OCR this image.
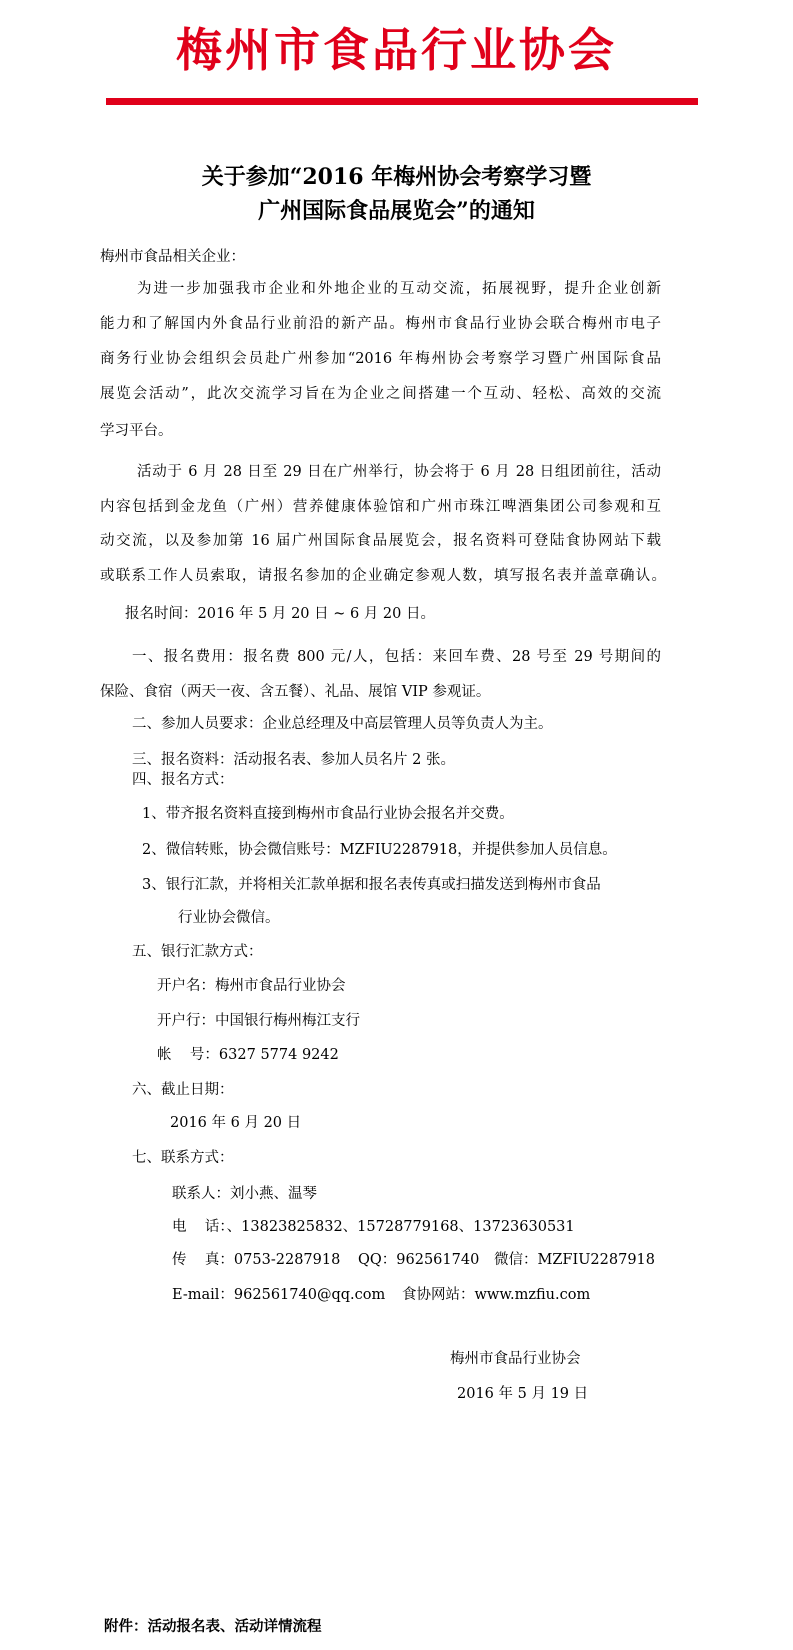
梅州市食品行业协会
关于参加“2016 年梅州协会考察学习暨
广州国际食品展览会”的通知
梅州市食品相关企业：
为进一步加强我市企业和外地企业的互动交流，拓展视野，提升企业创新
能力和了解国内外食品行业前沿的新产品。梅州市食品行业协会联合梅州市电子
商务行业协会组织会员赴广州参加“2016 年梅州协会考察学习暨广州国际食品
展览会活动”，此次交流学习旨在为企业之间搭建一个互动、轻松、高效的交流
学习平台。
活动于 6 月 28 日至 29 日在广州举行，协会将于 6 月 28 日组团前往，活动
内容包括到金龙鱼（广州）营养健康体验馆和广州市珠江啤酒集团公司参观和互
动交流，以及参加第 16 届广州国际食品展览会，报名资料可登陆食协网站下载
或联系工作人员索取，请报名参加的企业确定参观人数，填写报名表并盖章确认。
报名时间：2016 年 5 月 20 日 ~ 6 月 20 日。
一、报名费用：报名费 800 元/人，包括：来回车费、28 号至 29 号期间的
保险、食宿（两天一夜、含五餐）、礼品、展馆 VIP 参观证。
二、参加人员要求：企业总经理及中高层管理人员等负责人为主。
三、报名资料：活动报名表、参加人员名片 2 张。
四、报名方式：
1、带齐报名资料直接到梅州市食品行业协会报名并交费。
2、微信转账，协会微信账号：MZFIU2287918，并提供参加人员信息。
3、银行汇款，并将相关汇款单据和报名表传真或扫描发送到梅州市食品
行业协会微信。
五、银行汇款方式：
开户名：梅州市食品行业协会
开户行：中国银行梅州梅江支行
帐    号：6327 5774 9242
六、截止日期：
2016 年 6 月 20 日
七、联系方式：
联系人：刘小燕、温琴
电    话：、13823825832、15728779168、13723630531
传    真：0753-2287918 QQ：962561740 微信：MZFIU2287918
E-mail：962561740@qq.com 食协网站：www.mzfiu.com
梅州市食品行业协会
2016 年 5 月 19 日
附件：活动报名表、活动详情流程
